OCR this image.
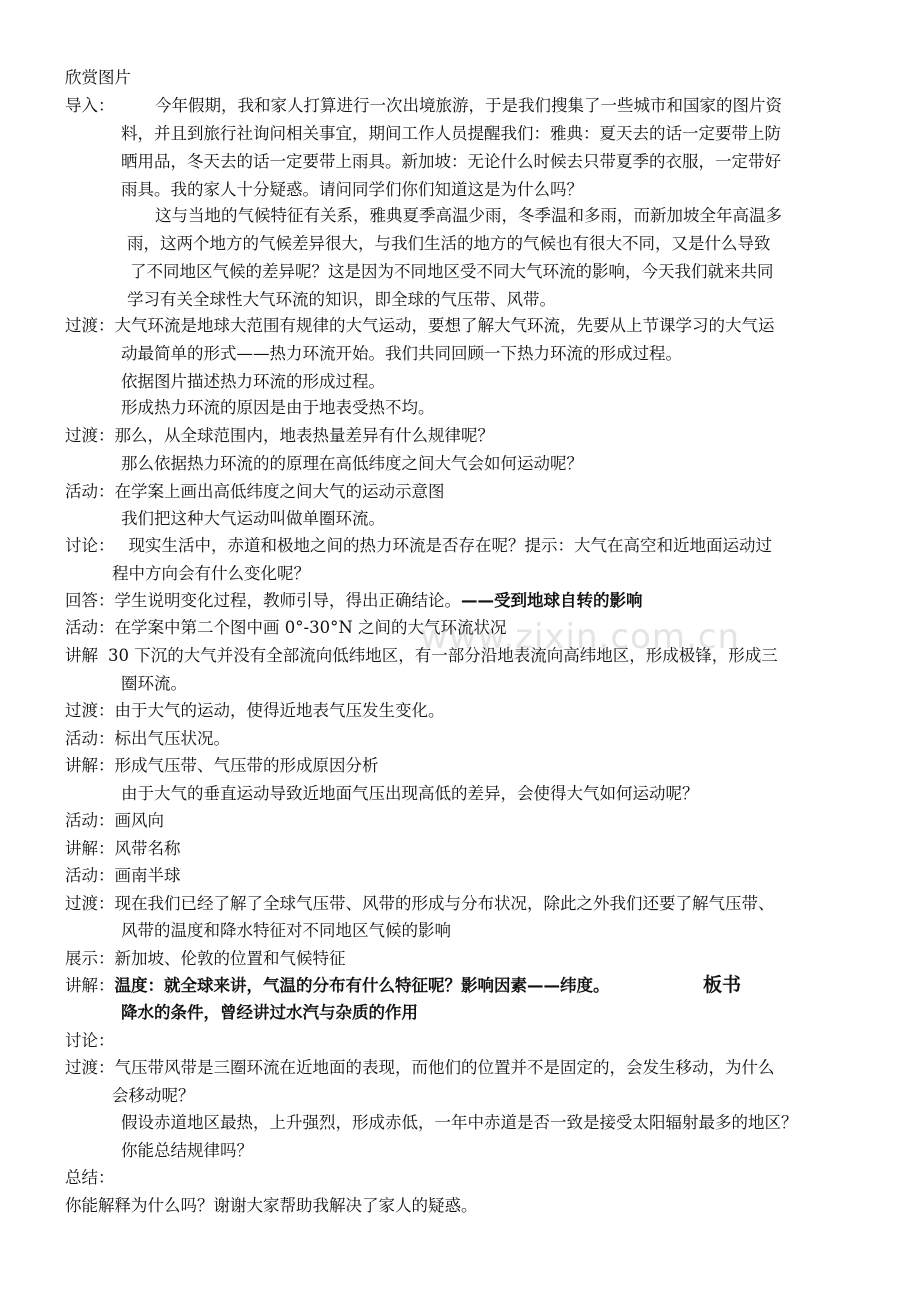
www.zixin.com.cn
欣赏图片
导入： 今年假期，我和家人打算进行一次出境旅游，于是我们搜集了一些城市和国家的图片资
料，并且到旅行社询问相关事宜，期间工作人员提醒我们：雅典：夏天去的话一定要带上防
晒用品，冬天去的话一定要带上雨具。新加坡：无论什么时候去只带夏季的衣服，一定带好
雨具。我的家人十分疑惑。请问同学们你们知道这是为什么吗？
这与当地的气候特征有关系，雅典夏季高温少雨，冬季温和多雨，而新加坡全年高温多
雨，这两个地方的气候差异很大，与我们生活的地方的气候也有很大不同，又是什么导致
了不同地区气候的差异呢？这是因为不同地区受不同大气环流的影响，今天我们就来共同
学习有关全球性大气环流的知识，即全球的气压带、风带。
过渡：大气环流是地球大范围有规律的大气运动，要想了解大气环流，先要从上节课学习的大气运
动最简单的形式——热力环流开始。我们共同回顾一下热力环流的形成过程。
依据图片描述热力环流的形成过程。
形成热力环流的原因是由于地表受热不均。
过渡：那么，从全球范围内，地表热量差异有什么规律呢？
那么依据热力环流的的原理在高低纬度之间大气会如何运动呢？
活动：在学案上画出高低纬度之间大气的运动示意图
我们把这种大气运动叫做单圈环流。
讨论： 现实生活中，赤道和极地之间的热力环流是否存在呢？提示：大气在高空和近地面运动过
程中方向会有什么变化呢？
回答：学生说明变化过程，教师引导，得出正确结论。——受到地球自转的影响
活动：在学案中第二个图中画 0°-30°N 之间的大气环流状况
讲解 30 下沉的大气并没有全部流向低纬地区，有一部分沿地表流向高纬地区，形成极锋，形成三
圈环流。
过渡：由于大气的运动，使得近地表气压发生变化。
活动：标出气压状况。
讲解：形成气压带、气压带的形成原因分析
由于大气的垂直运动导致近地面气压出现高低的差异，会使得大气如何运动呢？
活动：画风向
讲解：风带名称
活动：画南半球
过渡：现在我们已经了解了全球气压带、风带的形成与分布状况，除此之外我们还要了解气压带、
风带的温度和降水特征对不同地区气候的影响
展示：新加坡、伦敦的位置和气候特征
讲解：温度：就全球来讲，气温的分布有什么特征呢？影响因素——纬度。	板书
降水的条件，曾经讲过水汽与杂质的作用
讨论：
过渡：气压带风带是三圈环流在近地面的表现，而他们的位置并不是固定的，会发生移动，为什么
会移动呢？
假设赤道地区最热，上升强烈，形成赤低，一年中赤道是否一致是接受太阳辐射最多的地区？
你能总结规律吗？
总结：
你能解释为什么吗？谢谢大家帮助我解决了家人的疑惑。
